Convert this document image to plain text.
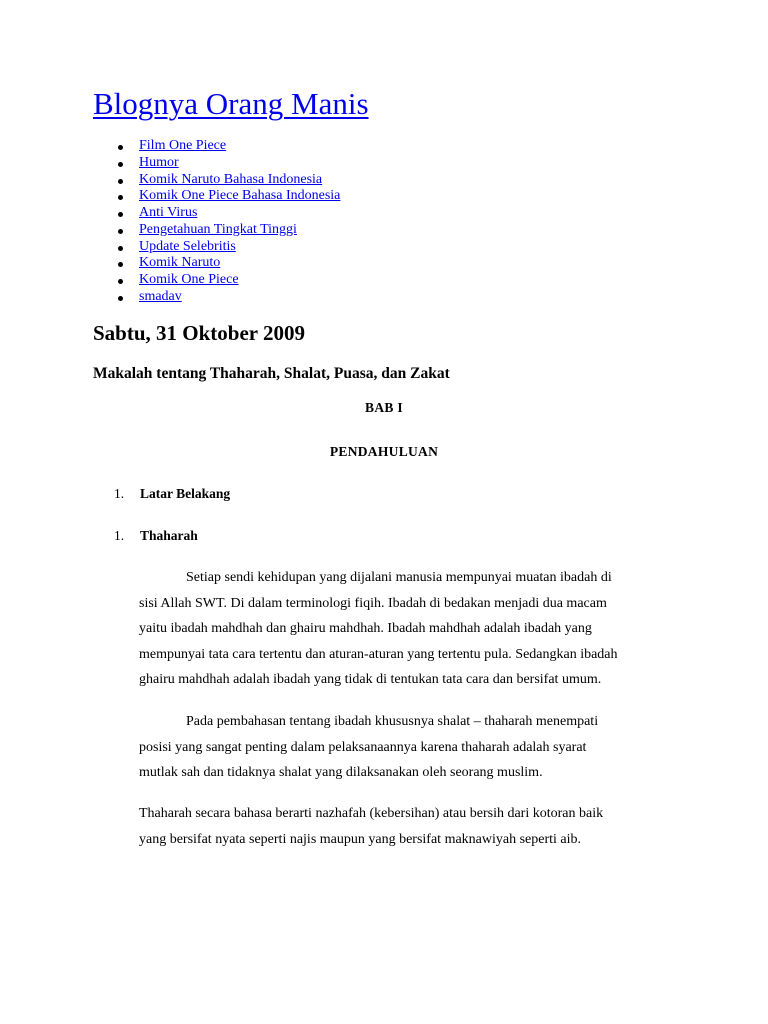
Blognya Orang Manis
Film One Piece
Humor
Komik Naruto Bahasa Indonesia
Komik One Piece Bahasa Indonesia
Anti Virus
Pengetahuan Tingkat Tinggi
Update Selebritis
Komik Naruto
Komik One Piece
smadav
Sabtu, 31 Oktober 2009
Makalah tentang Thaharah, Shalat, Puasa, dan Zakat

BAB I

PENDAHULUAN

1. Latar Belakang

1. Thaharah

Setiap sendi kehidupan yang dijalani manusia mempunyai muatan ibadah di
sisi Allah SWT. Di dalam terminologi fiqih. Ibadah di bedakan menjadi dua macam
yaitu ibadah mahdhah dan ghairu mahdhah. Ibadah mahdhah adalah ibadah yang
mempunyai tata cara tertentu dan aturan-aturan yang tertentu pula. Sedangkan ibadah
ghairu mahdhah adalah ibadah yang tidak di tentukan tata cara dan bersifat umum.
Pada pembahasan tentang ibadah khususnya shalat – thaharah menempati
posisi yang sangat penting dalam pelaksanaannya karena thaharah adalah syarat
mutlak sah dan tidaknya shalat yang dilaksanakan oleh seorang muslim.
Thaharah secara bahasa berarti nazhafah (kebersihan) atau bersih dari kotoran baik
yang bersifat nyata seperti najis maupun yang bersifat maknawiyah seperti aib.
